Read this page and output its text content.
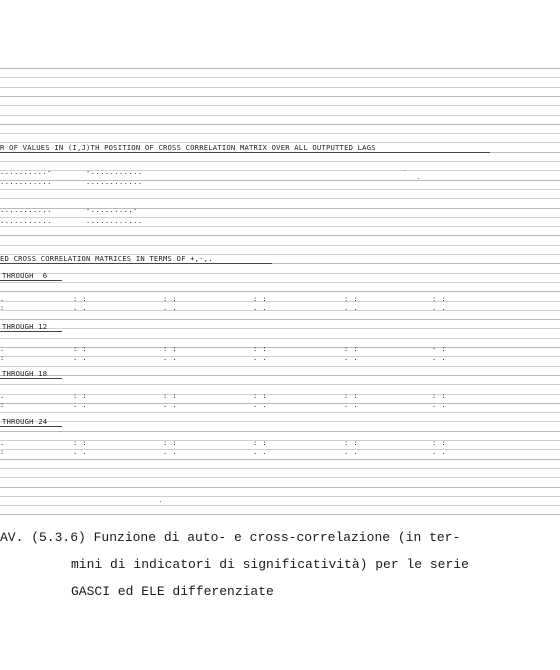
R OF VALUES IN (I,J)TH POSITION OF CROSS CORRELATION MATRIX OVER ALL OUTPUTTED LAGS
..........-	-...........
...........	............
...........	-.........-
...........	............
ED CROSS CORRELATION MATRICES IN TERMS OF +,-,.
THROUGH  6
.	: :	: :	: :	: :	: :
:	. .	. .	. .	. .	. .
THROUGH 12
.	: :	: :	: :	: :	- :
:	. .	. .	. .	. .	. .
THROUGH 18
.	: :	: :	: :	: :	: :
:	. .	. .	. .	. .	. .
THROUGH 24
.	: :	: :	: :	: :	: :
:	. .	. .	. .	. .	. .
AV. (5.3.6) Funzione di auto- e cross-correlazione (in ter-
mini di indicatori di significatività) per le serie
GASCI ed ELE differenziate
